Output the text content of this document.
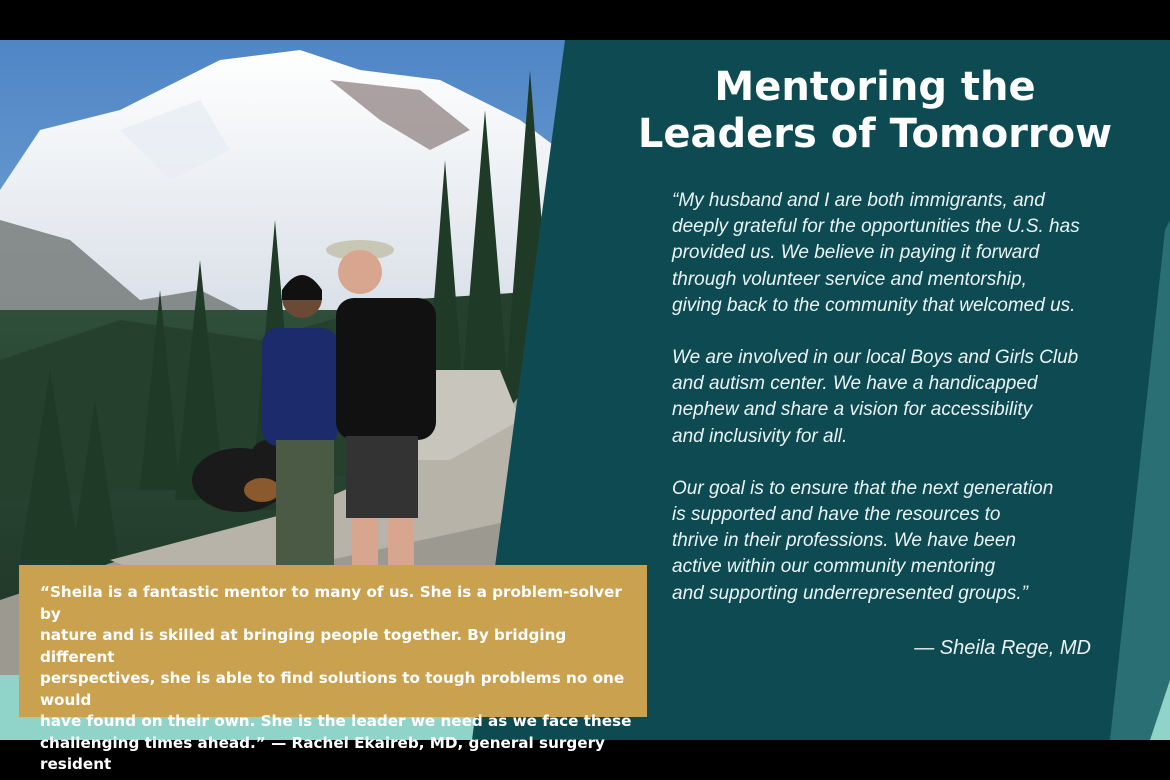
Mentoring the
Leaders of Tomorrow

“My husband and I are both immigrants, and
deeply grateful for the opportunities the U.S. has
provided us. We believe in paying it forward
through volunteer service and mentorship,
giving back to the community that welcomed us.

We are involved in our local Boys and Girls Club
and autism center. We have a handicapped
nephew and share a vision for accessibility
and inclusivity for all.

Our goal is to ensure that the next generation
is supported and have the resources to
thrive in their professions. We have been
active within our community mentoring
and supporting underrepresented groups.”

— Sheila Rege, MD

“Sheila is a fantastic mentor to many of us. She is a problem-solver by
nature and is skilled at bringing people together. By bridging different
perspectives, she is able to find solutions to tough problems no one would
have found on their own. She is the leader we need as we face these
challenging times ahead.” — Rachel Ekaireb, MD, general surgery resident
